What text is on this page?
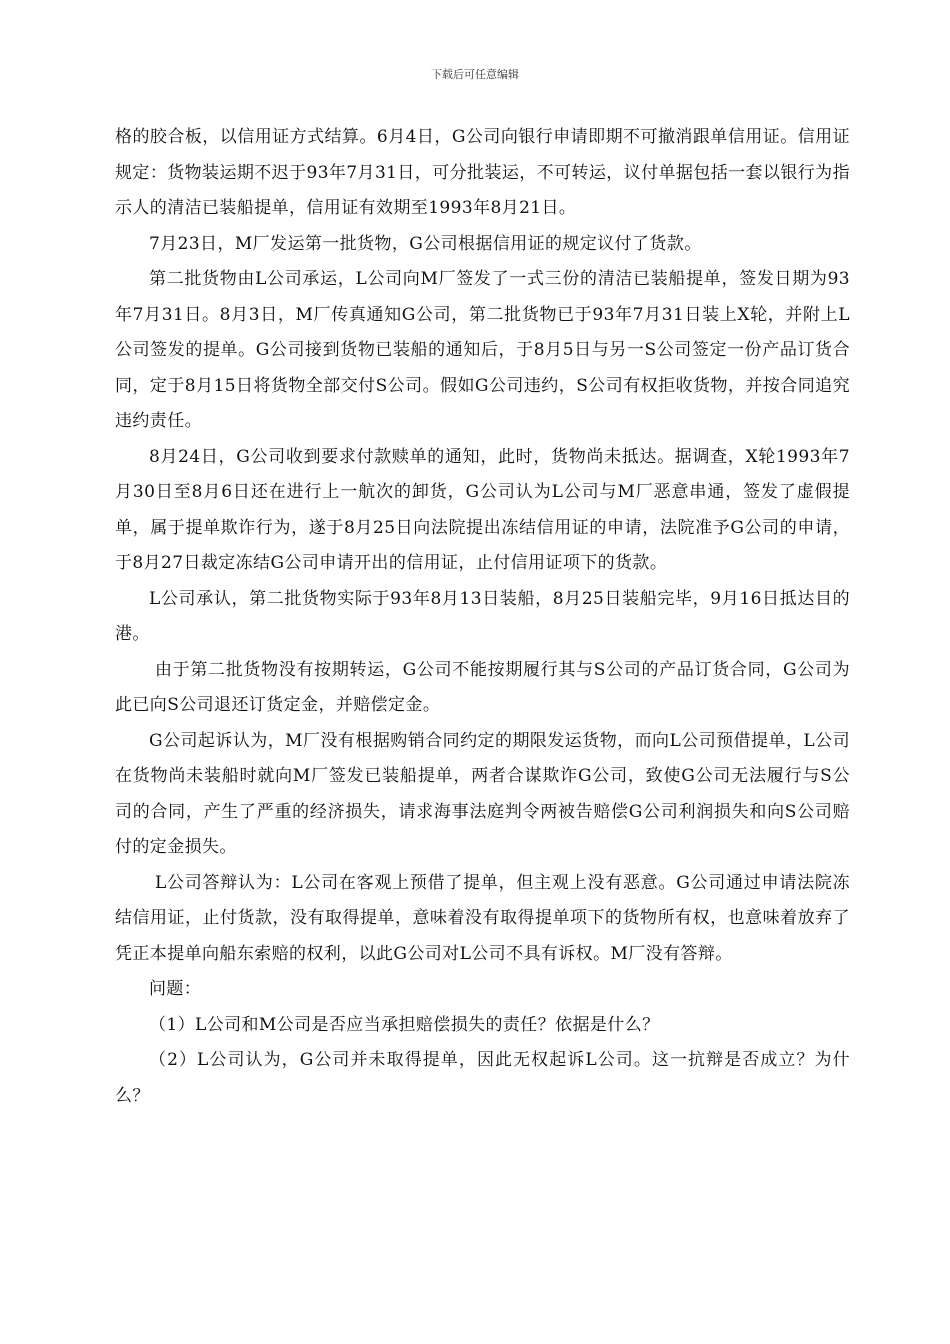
下载后可任意编辑

格的胶合板，以信用证方式结算。6月4日，G公司向银行申请即期不可撤消跟单信用证。信用证规定：货物装运期不迟于93年7月31日，可分批装运，不可转运，议付单据包括一套以银行为指示人的清洁已装船提单，信用证有效期至1993年8月21日。

7月23日，M厂发运第一批货物，G公司根据信用证的规定议付了货款。

第二批货物由L公司承运，L公司向M厂签发了一式三份的清洁已装船提单，签发日期为93年7月31日。8月3日，M厂传真通知G公司，第二批货物已于93年7月31日装上X轮，并附上L公司签发的提单。G公司接到货物已装船的通知后，于8月5日与另一S公司签定一份产品订货合同，定于8月15日将货物全部交付S公司。假如G公司违约，S公司有权拒收货物，并按合同追究违约责任。

8月24日，G公司收到要求付款赎单的通知，此时，货物尚未抵达。据调查，X轮1993年7月30日至8月6日还在进行上一航次的卸货，G公司认为L公司与M厂恶意串通，签发了虚假提单，属于提单欺诈行为，遂于8月25日向法院提出冻结信用证的申请，法院准予G公司的申请，于8月27日裁定冻结G公司申请开出的信用证，止付信用证项下的货款。

L公司承认，第二批货物实际于93年8月13日装船，8月25日装船完毕，9月16日抵达目的港。

由于第二批货物没有按期转运，G公司不能按期履行其与S公司的产品订货合同，G公司为此已向S公司退还订货定金，并赔偿定金。

G公司起诉认为，M厂没有根据购销合同约定的期限发运货物，而向L公司预借提单，L公司在货物尚未装船时就向M厂签发已装船提单，两者合谋欺诈G公司，致使G公司无法履行与S公司的合同，产生了严重的经济损失，请求海事法庭判令两被告赔偿G公司利润损失和向S公司赔付的定金损失。

L公司答辩认为：L公司在客观上预借了提单，但主观上没有恶意。G公司通过申请法院冻结信用证，止付货款，没有取得提单，意味着没有取得提单项下的货物所有权，也意味着放弃了凭正本提单向船东索赔的权利，以此G公司对L公司不具有诉权。M厂没有答辩。

问题：

（1）L公司和M公司是否应当承担赔偿损失的责任？依据是什么？

（2）L公司认为，G公司并未取得提单，因此无权起诉L公司。这一抗辩是否成立？为什么？
